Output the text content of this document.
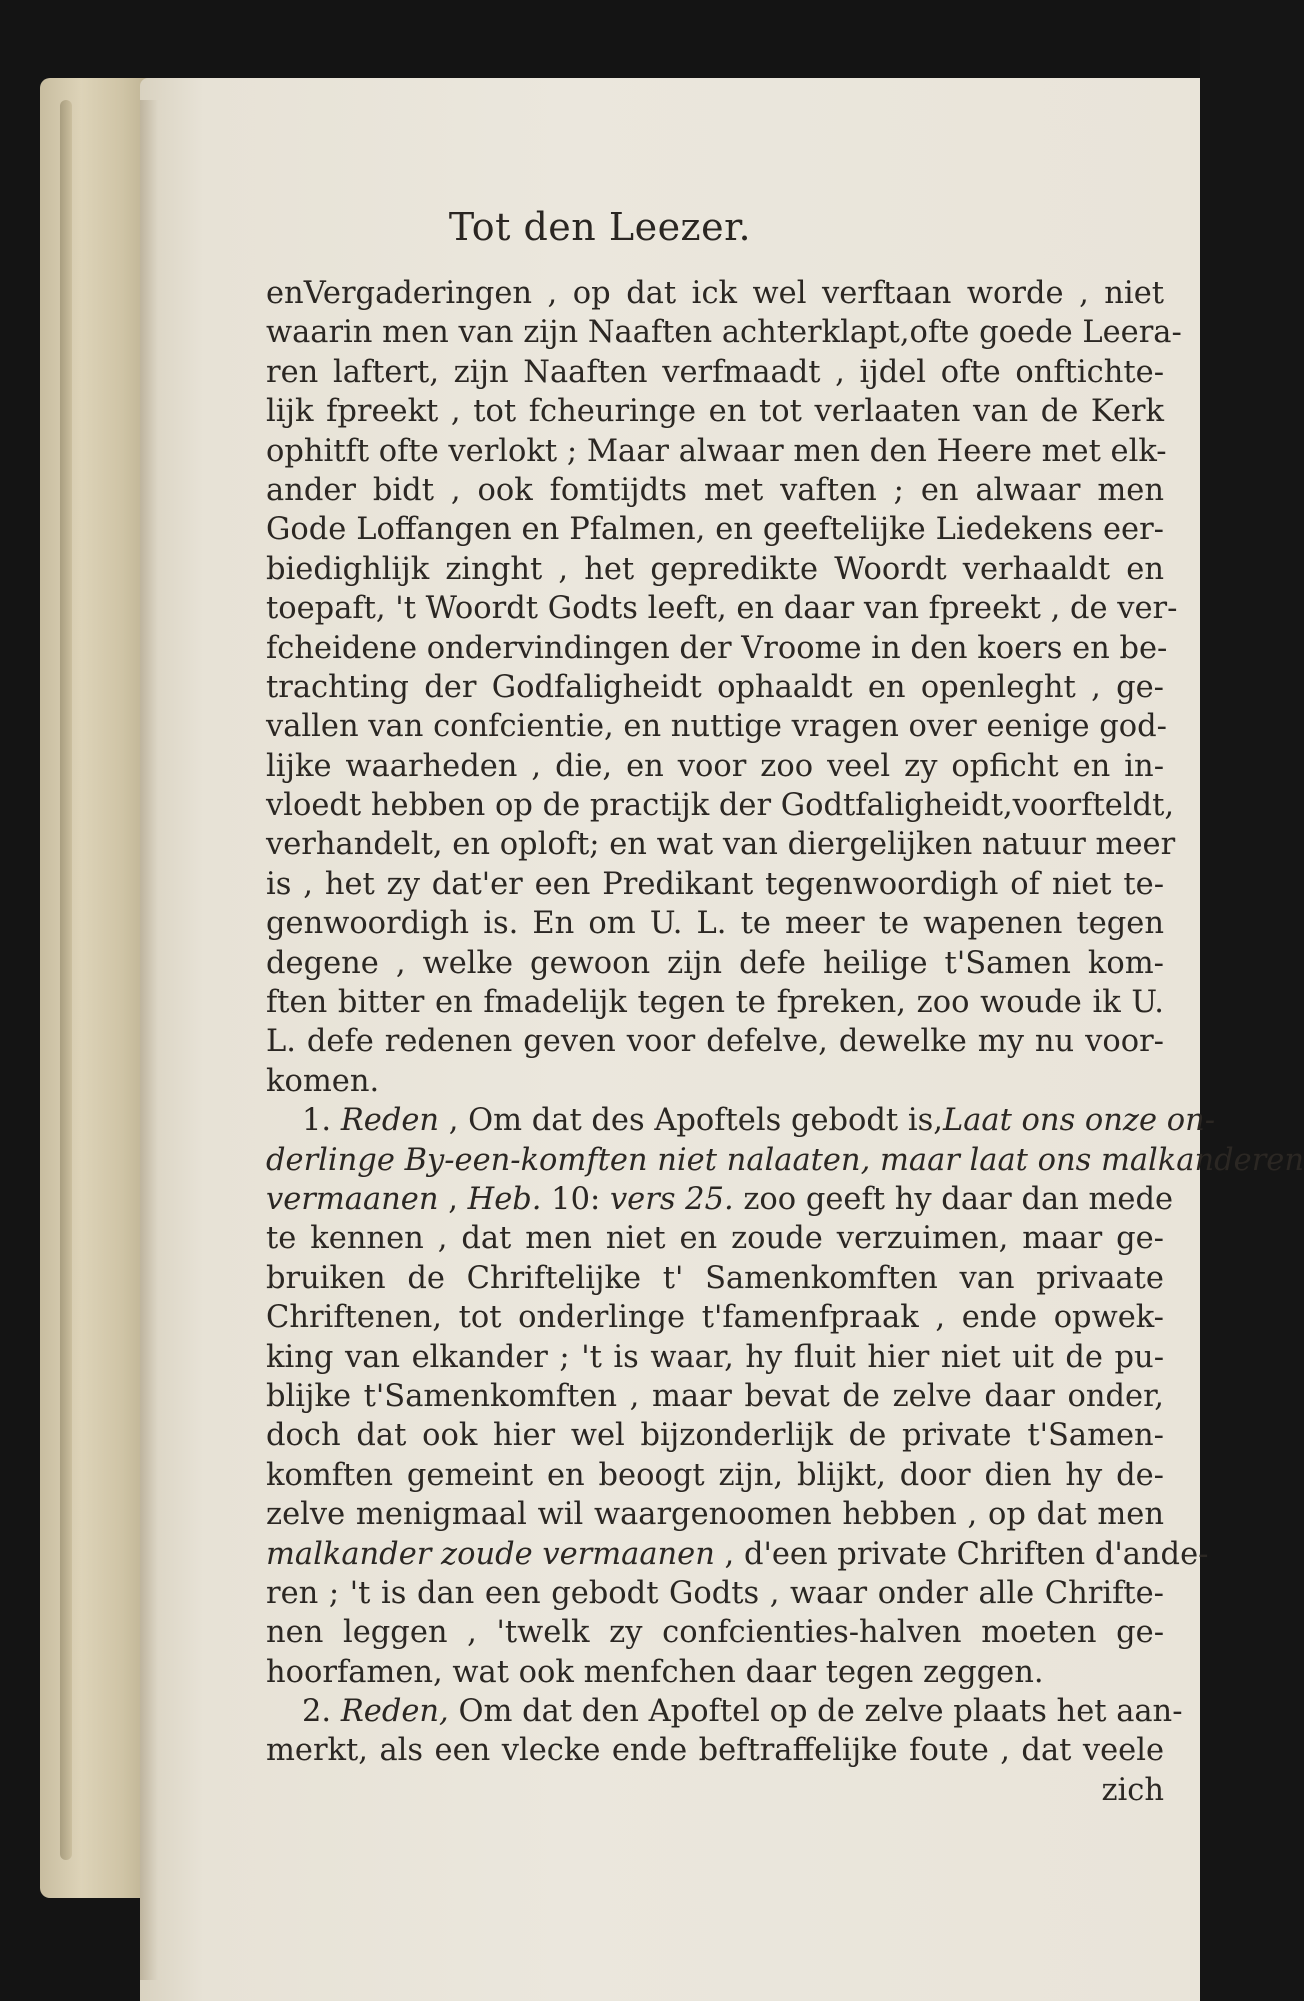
Tot den Leezer.
enVergaderingen , op dat ick wel verftaan worde , niet
waarin men van zijn Naaften achterklapt,ofte goede Leera-
ren laftert, zijn Naaften verfmaadt , ijdel ofte onftichte-
lijk fpreekt , tot fcheuringe en tot verlaaten van de Kerk
ophitft ofte verlokt ; Maar alwaar men den Heere met elk-
ander bidt , ook fomtijdts met vaften ; en alwaar men
Gode Loffangen en Pfalmen, en geeftelijke Liedekens eer-
biedighlijk zinght , het gepredikte Woordt verhaaldt en
toepaft, 't Woordt Godts leeft, en daar van fpreekt , de ver-
fcheidene ondervindingen der Vroome in den koers en be-
trachting der Godfaligheidt ophaaldt en openleght , ge-
vallen van confcientie, en nuttige vragen over eenige god-
lijke waarheden , die, en voor zoo veel zy opficht en in-
vloedt hebben op de practijk der Godtfaligheidt,voorfteldt,
verhandelt, en oploft; en wat van diergelijken natuur meer
is , het zy dat'er een Predikant tegenwoordigh of niet te-
genwoordigh is. En om U. L. te meer te wapenen tegen
degene , welke gewoon zijn defe heilige t'Samen kom-
ften bitter en fmadelijk tegen te fpreken, zoo woude ik U.
L. defe redenen geven voor defelve, dewelke my nu voor-
komen.
1. Reden , Om dat des Apoftels gebodt is,Laat ons onze on-
derlinge By-een-komften niet nalaaten, maar laat ons malkanderen
vermaanen , Heb. 10: vers 25. zoo geeft hy daar dan mede
te kennen , dat men niet en zoude verzuimen, maar ge-
bruiken de Chriftelijke t' Samenkomften van privaate
Chriftenen, tot onderlinge t'famenfpraak , ende opwek-
king van elkander ; 't is waar, hy fluit hier niet uit de pu-
blijke t'Samenkomften , maar bevat de zelve daar onder,
doch dat ook hier wel bijzonderlijk de private t'Samen-
komften gemeint en beoogt zijn, blijkt, door dien hy de-
zelve menigmaal wil waargenoomen hebben , op dat men
malkander zoude vermaanen , d'een private Chriften d'ande-
ren ; 't is dan een gebodt Godts , waar onder alle Chrifte-
nen leggen , 'twelk zy confcienties-halven moeten ge-
hoorfamen, wat ook menfchen daar tegen zeggen.
2. Reden, Om dat den Apoftel op de zelve plaats het aan-
merkt, als een vlecke ende beftraffelijke foute , dat veele
zich
